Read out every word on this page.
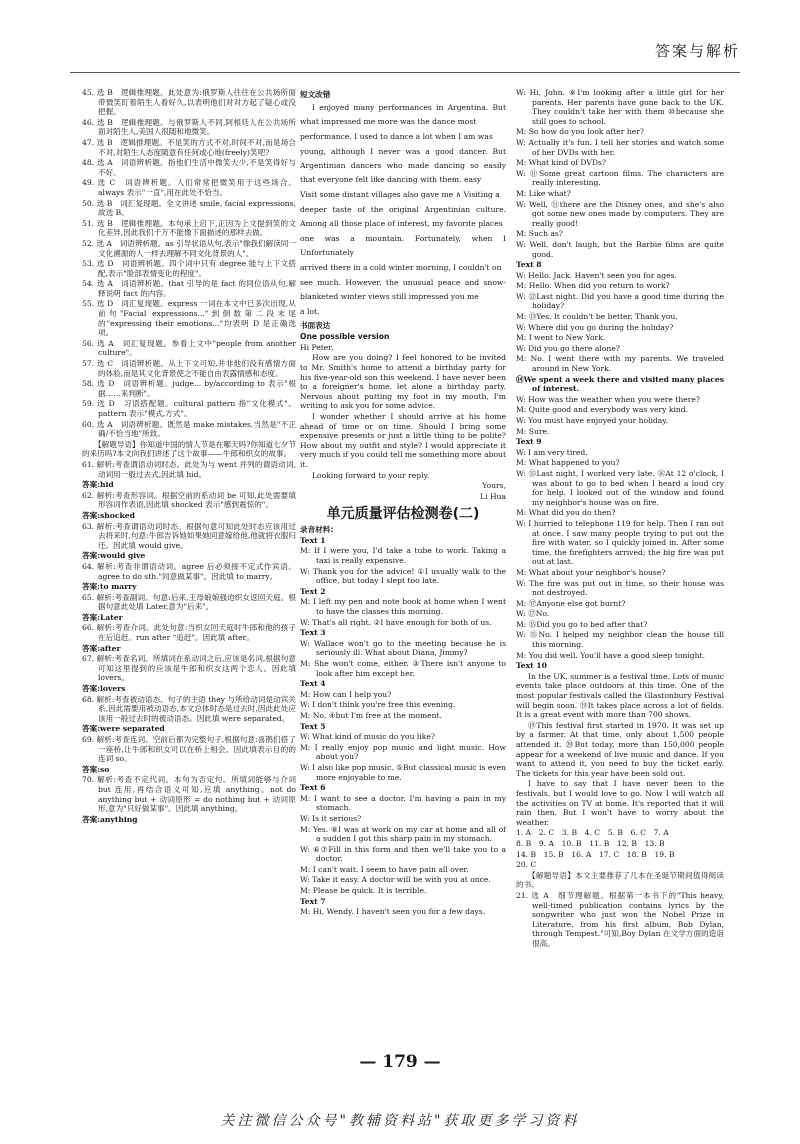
答案与解析

45. 选 B　逻辑推理题。此处意为:俄罗斯人往往在公共场所面带微笑盯着陌生人看好久,以表明他们对对方起了疑心或没把握。

46. 选 B　逻辑推理题。与俄罗斯人不同,阿根廷人在公共场所面对陌生人,美国人很随和地微笑。

47. 选 B　逻辑推理题。不是笑的方式不对,时间不对,而是场合不对,对陌生人态度随意有任何或心地(freely)笑吧?

48. 选 A　词语辨析题。指他们生活中微笑大少,不是笑得好与不好。

49. 选 C　词语辨析题。人们常常把微笑用于这些场合。always 表示"一直",用在此处不恰当。

50. 选 B　词汇复现题。全文讲述 smile, facial expressions,故选 B。

51. 选 B　逻辑推理题。本句承上启下,正因为上文提到笑的文化差异,因此我们千万不能像下面描述的那样去做。

52. 选 A　词语辨析题。as 引导状语从句,表示"像我们解读同一文化溯源的人一样去理解不同文化背景的人"。

53. 选 D　词语辨析题。四个词中只有 degree 能与上下文搭配,表示"脸部表情变化的程度"。

54. 选 A　词语辨析题。that 引导的是 fact 的同位语从句,解释说明 fact 的内容。

55. 选 D　词汇复现题。express 一词在本文中已多次出现,从前句"Facial expressions..."到倒数第二段末尾的"expressing their emotions..."均表明 D 是正确选项。

56. 选 A　词汇复现题。参看上文中"people from another culture"。

57. 选 C　词语辨析题。从上下文可知,并非他们没有感情方面的体验,而是其文化背景使之不能自由表露情感和态度。

58. 选 D　词语辨析题。judge... by/according to 表示"根据……来判断"。

59. 选 D　习语搭配题。cultural pattern 指"文化模式"。pattern 表示"模式,方式"。

60. 选 A　词语辨析题。既然是 make mistakes,当然是"不正确/不恰当地"所致。

【解题导语】你知道中国的情人节是在哪天吗?你知道七夕节的来历吗?本文向我们讲述了这个故事——牛郎和织女的故事。

61. 解析:考查谓语动词时态。此处为与 went 并列的谓语动词,动词用一般过去式,因此填 hid。

答案:hid

62. 解析:考查形容词。根据空前的系动词 be 可知,此处需要填形容词作表语,因此填 shocked 表示"感到震惊的"。

答案:shocked

63. 解析:考查谓语动词时态。根据句意可知此处时态应该用过去将来时,句意:牛郎告诉她如果她同意嫁给他,他就将衣服归还。因此填 would give。

答案:would give

64. 解析:考查非谓语动词。agree 后必须接不定式作宾语。agree to do sth."同意做某事"。因此填 to marry。

答案:to marry

65. 解析:考查副词。句意:后来,王母娘娘强迫织女返回天庭。根据句意此处填 Later,意为"后来"。

答案:Later

66. 解析:考查介词。此处句意:当织女回天庭时牛郎和他的孩子在后追赶。run after "追赶"。因此填 after。

答案:after

67. 解析:考查名词。所填词在系动词之后,应该是名词,根据句意可知这里提到的应该是牛郎和织女这两个恋人。因此填 lovers。

答案:lovers

68. 解析:考查被动语态。句子的主语 they 与所给动词是动宾关系,因此需要用被动语态,本文总体时态是过去时,因此此处应该用一般过去时的被动语态。因此填 were separated。

答案:were separated

69. 解析:考查连词。空前后都为完整句子,根据句意:喜鹊们搭了一座桥,让牛郎和织女可以在桥上相会。因此填表示目的的连词 so。

答案:so

70. 解析:考查不定代词。本句为否定句。所填词能够与介词 but 连用,再结合语义可知,应填 anything。not do anything but + 动词原形 = do nothing but + 动词原形,意为"只好做某事"。因此填 anything。

答案:anything

短文改错

I enjoyed many performances in Argentina. But what impressed me more was the dance most

performance. I used to dance a lot when I am was

young, although I never was a good dancer. But Argentinian dancers who made dancing so easily that everyone felt like dancing with them. easy

Visit some distant villages also gave me ∧ Visiting a

deeper taste of the original Argentinian culture. Among all those place of interest, my favorite places

one was a mountain. Fortunately, when I Unfortunately

arrived there in a cold winter morning, I couldn't on

see much. However, the unusual peace and snow-blanketed winter views still impressed you me

a lot.

书面表达
One possible version

Hi Peter,

How are you doing? I feel honored to be invited to Mr. Smith's home to attend a birthday party for his five-year-old son this weekend. I have never been to a foreigner's home, let alone a birthday party. Nervous about putting my foot in my mouth, I'm writing to ask you for some advice.

I wonder whether I should arrive at his home ahead of time or on time. Should I bring some expensive presents or just a little thing to be polite? How about my outfit and style? I would appreciate it very much if you could tell me something more about it.

Looking forward to your reply.

Yours,

Li Hua

单元质量评估检测卷(二)
录音材料:

Text 1

M: If I were you, I'd take a tube to work. Taking a taxi is really expensive.

W: Thank you for the advice! ①I usually walk to the office, but today I slept too late.

Text 2

M: I left my pen and note book at home when I went to have the classes this morning.

W: That's all right. ②I have enough for both of us.

Text 3

W: Wallace won't go to the meeting because he is seriously ill. What about Diana, Jimmy?

M: She won't come, either. ③There isn't anyone to look after him except her.

Text 4

M: How can I help you?

W: I don't think you're free this evening.

M: No, ④but I'm free at the moment.

Text 5

W: What kind of music do you like?

M: I really enjoy pop music and light music. How about you?

W: I also like pop music. ⑤But classical music is even more enjoyable to me.

Text 6

M: I want to see a doctor. I'm having a pain in my stomach.

W: Is it serious?

M: Yes. ⑧I was at work on my car at home and all of a sudden I got this sharp pain in my stomach.

W: ⑥⑦Fill in this form and then we'll take you to a doctor.

M: I can't wait. I seem to have pain all over.

W: Take it easy. A doctor will be with you at once.

M: Please be quick. It is terrible.

Text 7

M: Hi, Wendy. I haven't seen you for a few days.

W: Hi, John. ⑨I'm looking after a little girl for her parents. Her parents have gone back to the UK. They couldn't take her with them ⑩because she still goes to school.

M: So how do you look after her?

W: Actually it's fun. I tell her stories and watch some of her DVDs with her.

M: What kind of DVDs?

W: ⑪Some great cartoon films. The characters are really interesting.

M: Like what?

W: Well, ⑪there are the Disney ones, and she's also got some new ones made by computers. They are really good!

M: Such as?

W: Well, don't laugh, but the Barbie films are quite good.

Text 8

W: Hello. Jack. Haven't seen you for ages.

M: Hello. When did you return to work?

W: ⑫Last night. Did you have a good time during the holiday?

M: ⑬Yes. It couldn't be better. Thank you.

W: Where did you go during the holiday?

M: I went to New York.

W: Did you go there alone?

M: No. I went there with my parents. We traveled around in New York.

⑭We spent a week there and visited many places of interest.

W: How was the weather when you were there?

M: Quite good and everybody was very kind.

W: You must have enjoyed your holiday.

M: Sure.

Text 9

W: I am very tired.

M: What happened to you?

W: ⑮Last night, I worked very late. ⑯At 12 o'clock, I was about to go to bed when I heard a loud cry for help. I looked out of the window and found my neighbor's house was on fire.

M: What did you do then?

W: I hurried to telephone 119 for help. Then I ran out at once. I saw many people trying to put out the fire with water, so I quickly joined in. After some time, the firefighters arrived; the big fire was put out at last.

M: What about your neighbor's house?

W: The fire was put out in time, so their house was not destroyed.

M: ⑰Anyone else got burnt?

W: ⑰No.

M: ⑮Did you go to bed after that?

W: ⑮No. I helped my neighbor clean the house till this morning.

M: You did well. You'll have a good sleep tonight.

Text 10

In the UK, summer is a festival time. Lots of music events take place outdoors at this time. One of the most popular festivals called the Glastonbury Festival will begin soon. ⑲It takes place across a lot of fields. It is a great event with more than 700 shows.

⑲This festival first started in 1970. It was set up by a farmer. At that time, only about 1,500 people attended it. ⑳But today, more than 150,000 people appear for a weekend of live music and dance. If you want to attend it, you need to buy the ticket early. The tickets for this year have been sold out.

I have to say that I have never been to the festivals, but I would love to go. Now I will watch all the activities on TV at home. It's reported that it will rain then. But I won't have to worry about the weather.

1. A　2. C　3. B　4. C　5. B　6. C　7. A

8. B　9. A　10. B　11. B　12. B　13. B

14. B　15. B　16. A　17. C　18. B　19. B

20. C

【解题导语】本文主要推荐了几本在圣诞节期间值得阅读的书。

21. 选 A　细节理解题。根据第一本书下的"This heavy, well-timed publication contains lyrics by the songwriter who just won the Nobel Prize in Literature, from his first album, Bob Dylan, through Tempest."可知,Boy Dylan 在文学方面的造诣很高。

— 179 —
关注微信公众号"教辅资料站"获取更多学习资料
